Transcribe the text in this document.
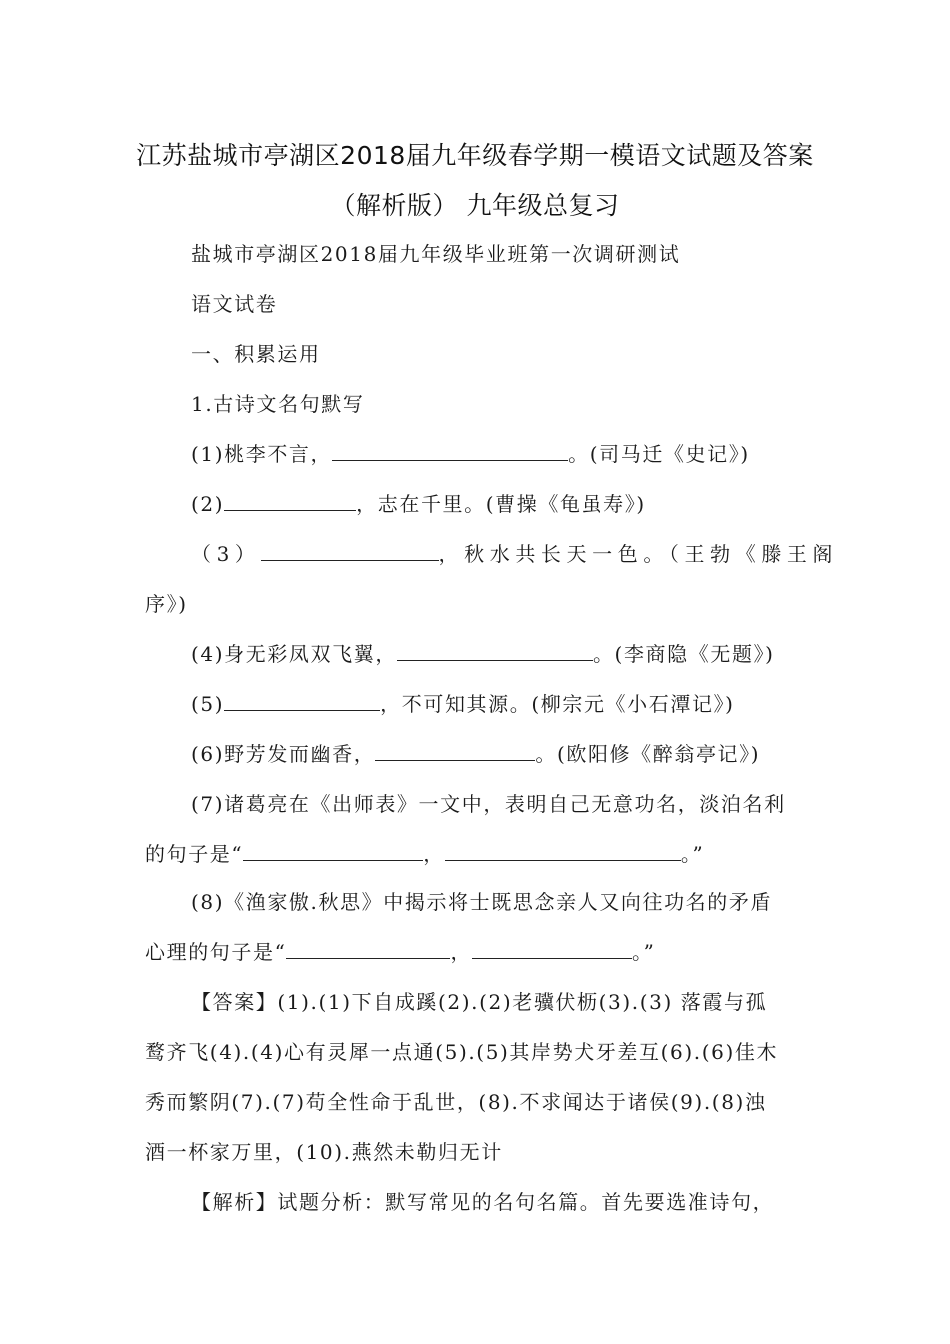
江苏盐城市亭湖区2018届九年级春学期一模语文试题及答案
（解析版） 九年级总复习
盐城市亭湖区2018届九年级毕业班第一次调研测试
语文试卷
一、积累运用
1.古诗文名句默写
(1)桃李不言，	。(司马迁《史记》)
(2)	，志在千里。(曹操《龟虽寿》)
（3）	，秋水共长天一色。（王勃《滕王阁
序》)
(4)身无彩凤双飞翼，	。(李商隐《无题》)
(5)	，不可知其源。(柳宗元《小石潭记》)
(6)野芳发而幽香，	。(欧阳修《醉翁亭记》)
(7)诸葛亮在《出师表》一文中，表明自己无意功名，淡泊名利
的句子是“	，	。”
(8)《渔家傲.秋思》中揭示将士既思念亲人又向往功名的矛盾
心理的句子是“	，	。”
【答案】(1).(1)下自成蹊(2).(2)老骥伏枥(3).(3) 落霞与孤
鹜齐飞(4).(4)心有灵犀一点通(5).(5)其岸势犬牙差互(6).(6)佳木
秀而繁阴(7).(7)苟全性命于乱世，(8).不求闻达于诸侯(9).(8)浊
酒一杯家万里，(10).燕然未勒归无计
【解析】试题分析：默写常见的名句名篇。首先要选准诗句，
